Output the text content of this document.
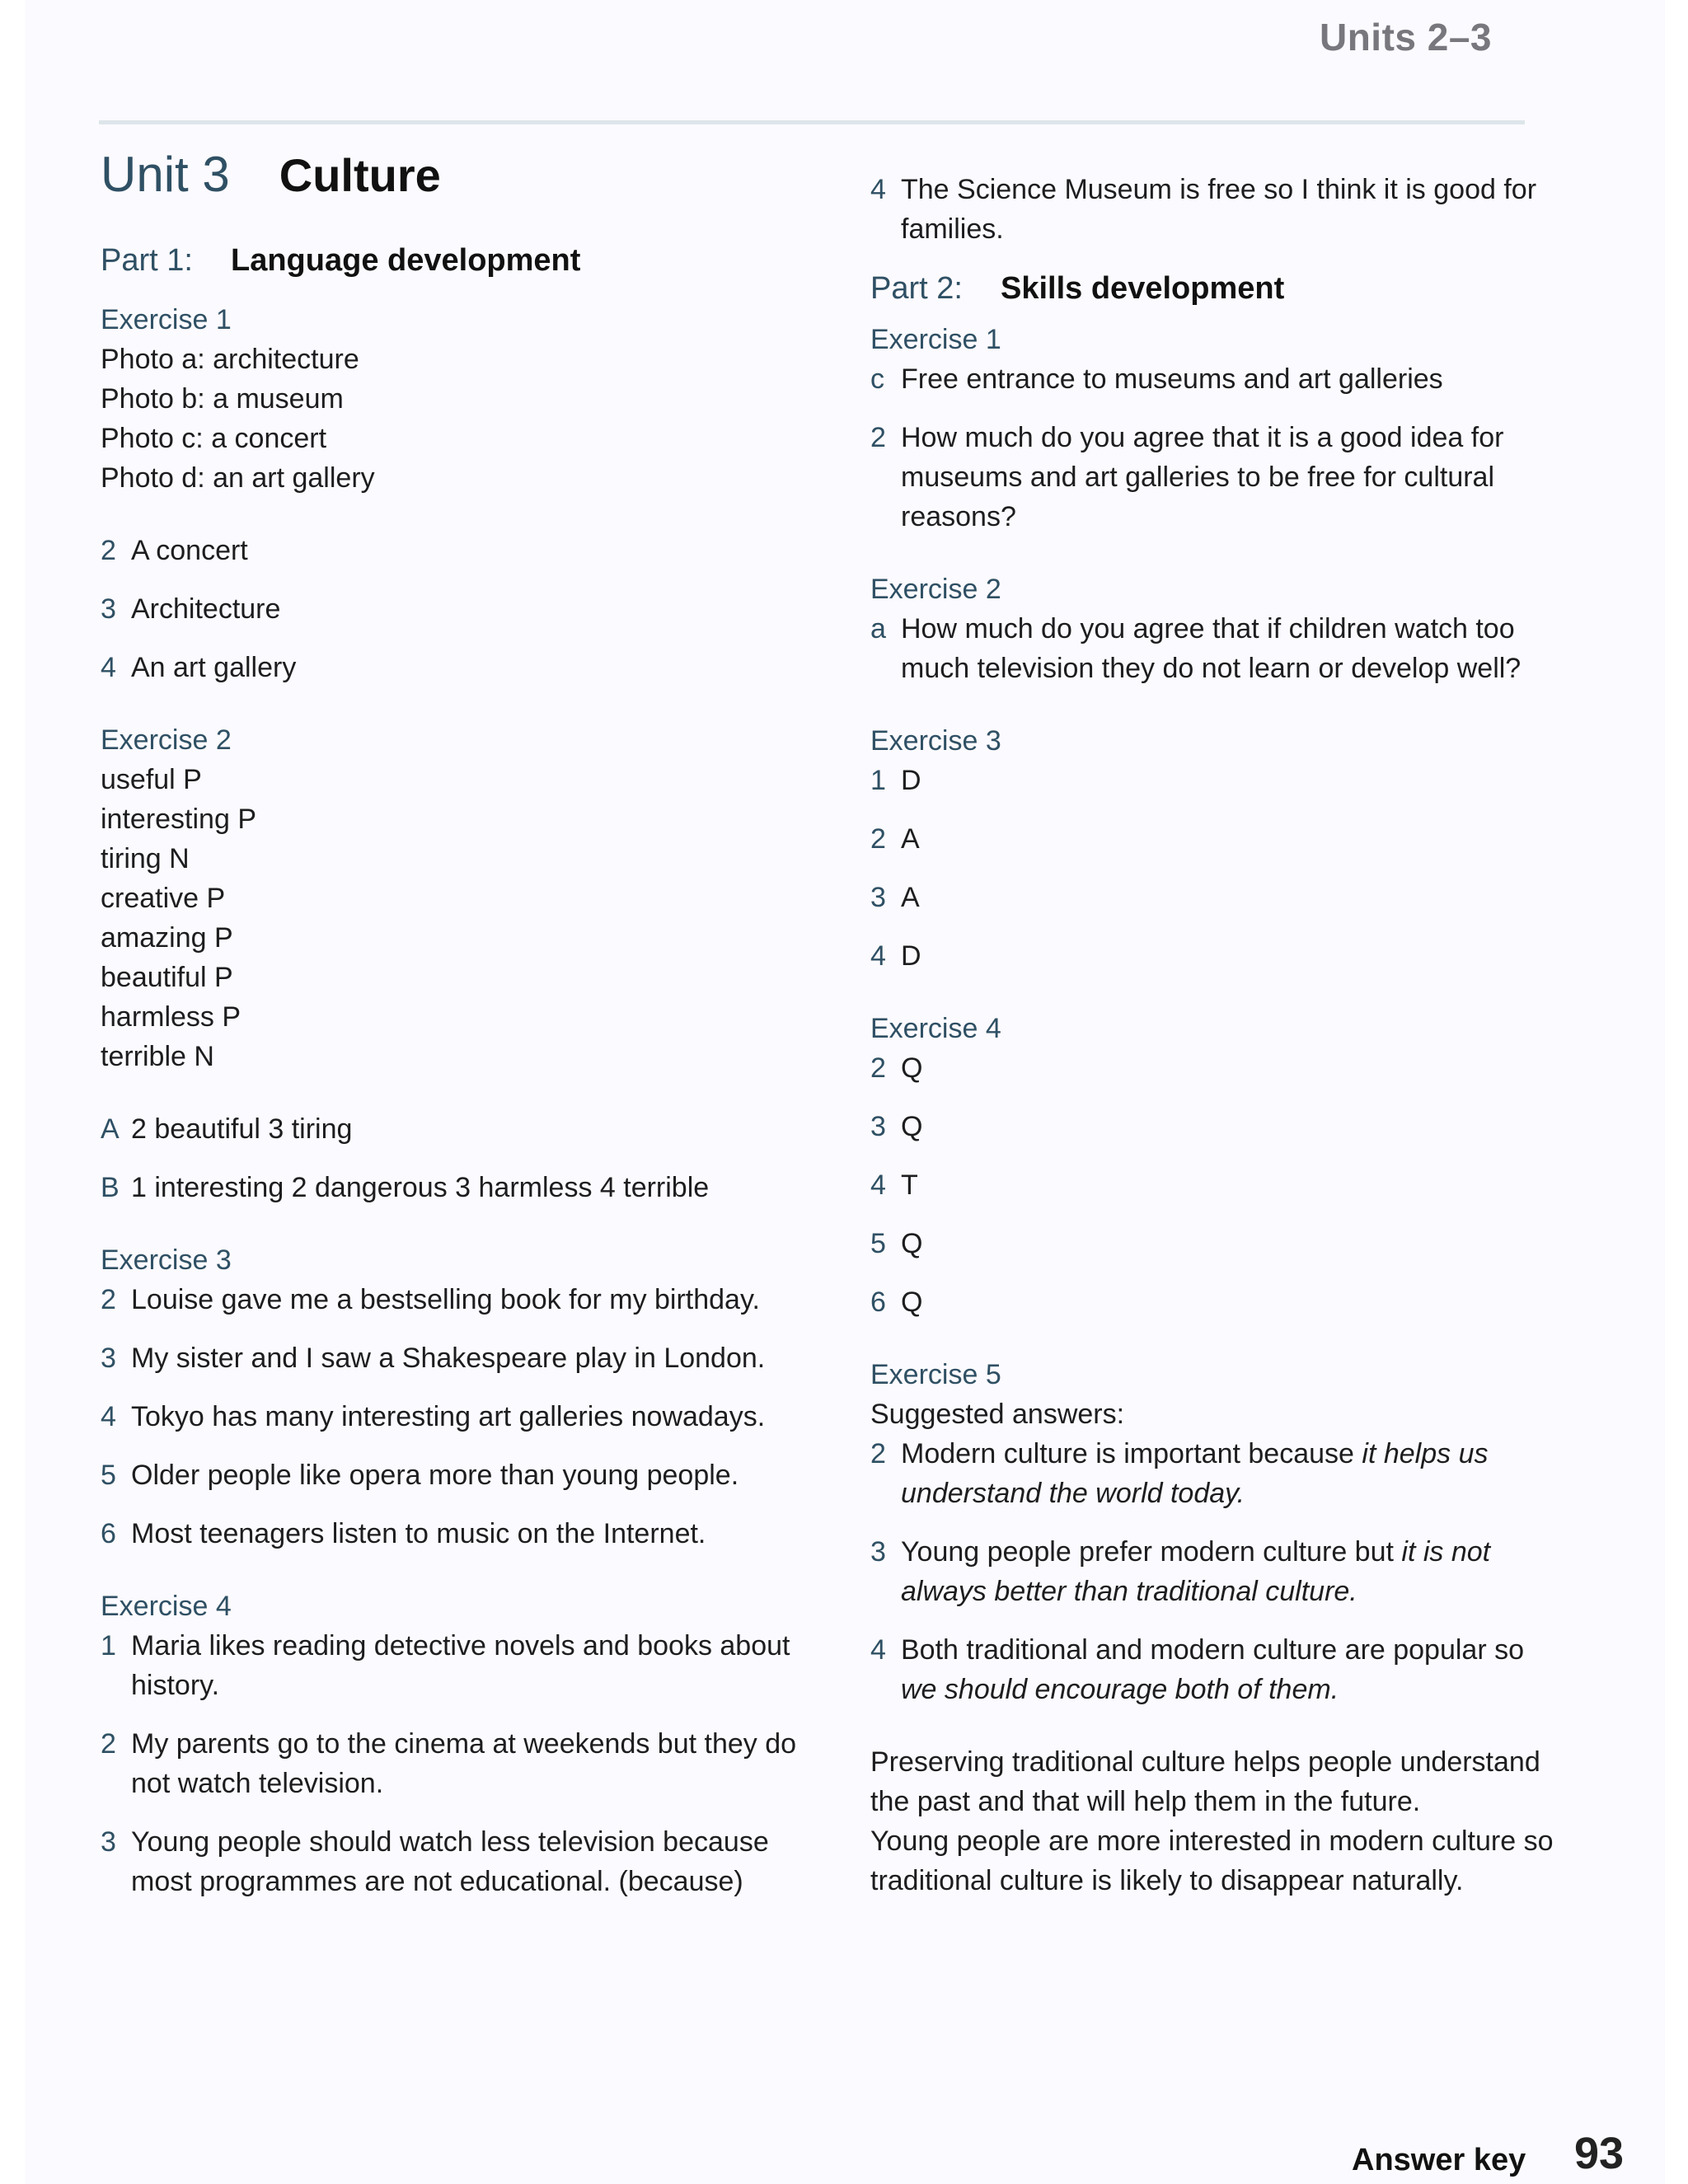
Units 2–3
Unit 3 Culture
Part 1:	Language development
Exercise 1
Photo a: architecture
Photo b: a museum
Photo c: a concert
Photo d: an art gallery
2 A concert
3 Architecture
4 An art gallery
Exercise 2
useful P
interesting P
tiring N
creative P
amazing P
beautiful P
harmless P
terrible N
A 2 beautiful 3 tiring
B 1 interesting 2 dangerous 3 harmless 4 terrible
Exercise 3
2 Louise gave me a bestselling book for my birthday.
3 My sister and I saw a Shakespeare play in London.
4 Tokyo has many interesting art galleries nowadays.
5 Older people like opera more than young people.
6 Most teenagers listen to music on the Internet.
Exercise 4
1 Maria likes reading detective novels and books about history.
2 My parents go to the cinema at weekends but they do not watch television.
3 Young people should watch less television because most programmes are not educational. (because)
4 The Science Museum is free so I think it is good for families.
Part 2:	Skills development
Exercise 1
c Free entrance to museums and art galleries
2 How much do you agree that it is a good idea for museums and art galleries to be free for cultural reasons?
Exercise 2
a How much do you agree that if children watch too much television they do not learn or develop well?
Exercise 3
1 D
2 A
3 A
4 D
Exercise 4
2 Q
3 Q
4 T
5 Q
6 Q
Exercise 5
Suggested answers:
2 Modern culture is important because it helps us understand the world today.
3 Young people prefer modern culture but it is not always better than traditional culture.
4 Both traditional and modern culture are popular so we should encourage both of them.
Preserving traditional culture helps people understand the past and that will help them in the future.
Young people are more interested in modern culture so traditional culture is likely to disappear naturally.
Answer key 93
